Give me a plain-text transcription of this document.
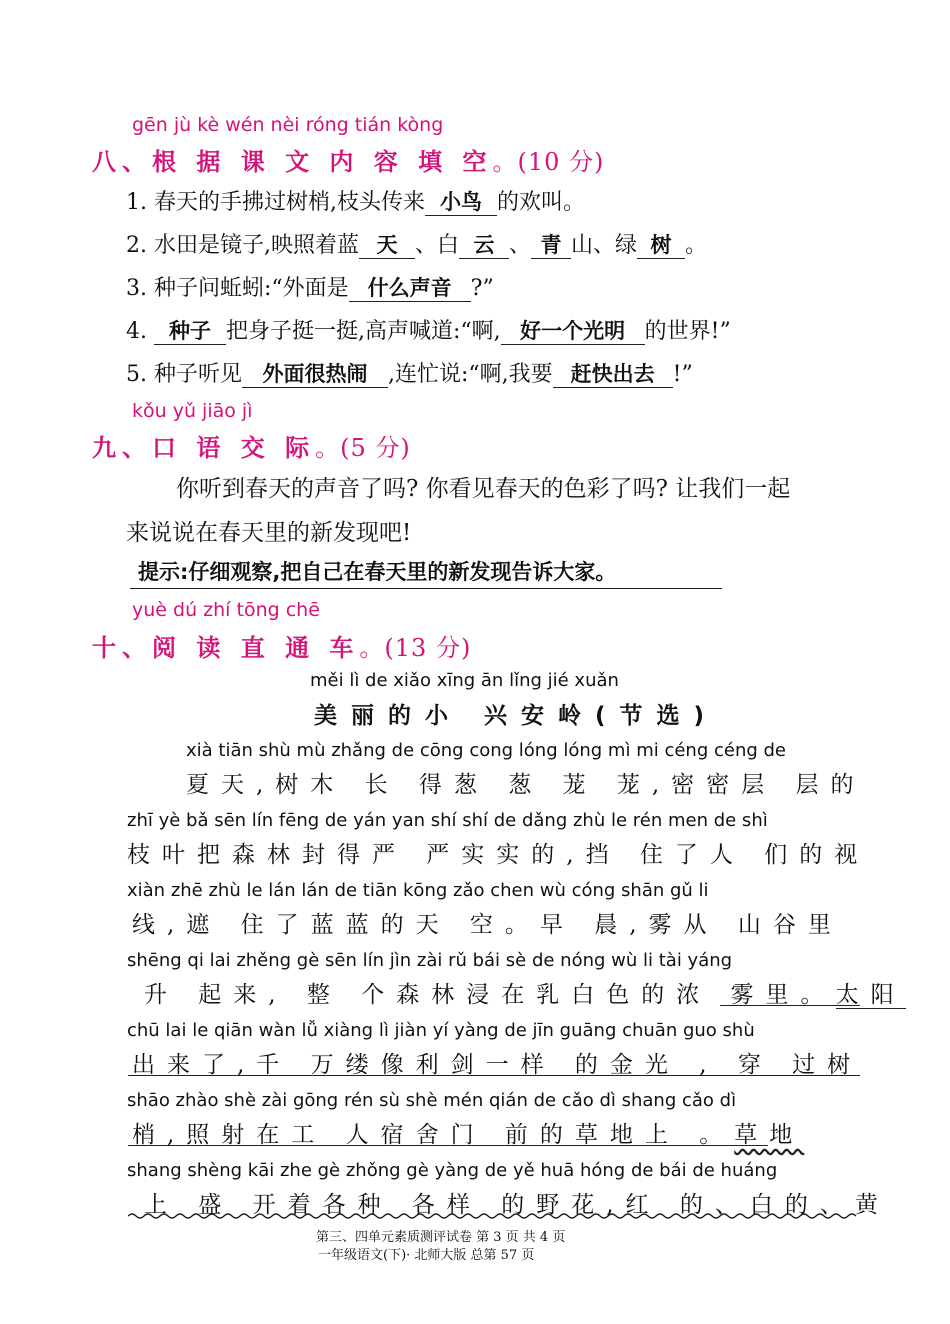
gēn jù kè wén nèi róng tián kòng
八、根 据 课 文 内 容 填 空。(10 分)
1. 春天的手拂过树梢,枝头传来 小鸟 的欢叫。
2. 水田是镜子,映照着蓝 天 、白 云 、 青 山、绿 树 。
3. 种子问蚯蚓:“外面是 什么声音 ?”
4. 种子 把身子挺一挺,高声喊道:“啊, 好一个光明 的世界!”
5. 种子听见 外面很热闹 ,连忙说:“啊,我要 赶快出去 !”
kǒu yǔ jiāo jì
九、口 语 交 际。(5 分)
你听到春天的声音了吗? 你看见春天的色彩了吗? 让我们一起
来说说在春天里的新发现吧!
提示:仔细观察,把自己在春天里的新发现告诉大家。
yuè dú zhí tōng chē
十、阅 读 直 通 车。(13 分)
měi lì de xiǎo xīng ān lǐng jié xuǎn
美丽的小 兴安岭(节选)
xià tiān shù mù zhǎng de cōng cong lóng lóng mì mi céng céng de
夏天,树木 长 得葱 葱 茏 茏,密密层 层的
zhī yè bǎ sēn lín fēng de yán yan shí shí de dǎng zhù le rén men de shì
枝叶把森林封得严 严实实的,挡 住了人 们的视
xiàn zhē zhù le lán lán de tiān kōng zǎo chen wù cóng shān gǔ li
线,遮 住了蓝蓝的天 空。早 晨,雾从 山谷里
shēng qi lai zhěng gè sēn lín jìn zài rǔ bái sè de nóng wù li tài yáng
升 起来, 整 个森林浸在乳白色的浓 雾里。太阳
chū lai le qiān wàn lǚ xiàng lì jiàn yí yàng de jīn guāng chuān guo shù
出来了,千 万缕像利剑一样 的金光 , 穿 过树
shāo zhào shè zài gōng rén sù shè mén qián de cǎo dì shang cǎo dì
梢,照射在工 人宿舍门 前的草地上 。草地
shang shèng kāi zhe gè zhǒng gè yàng de yě huā hóng de bái de huáng
上 盛 开着各种 各样 的野花,红 的、白的、黄
第三、四单元素质测评试卷 第 3 页 共 4 页
一年级语文(下)· 北师大版 总第 57 页
